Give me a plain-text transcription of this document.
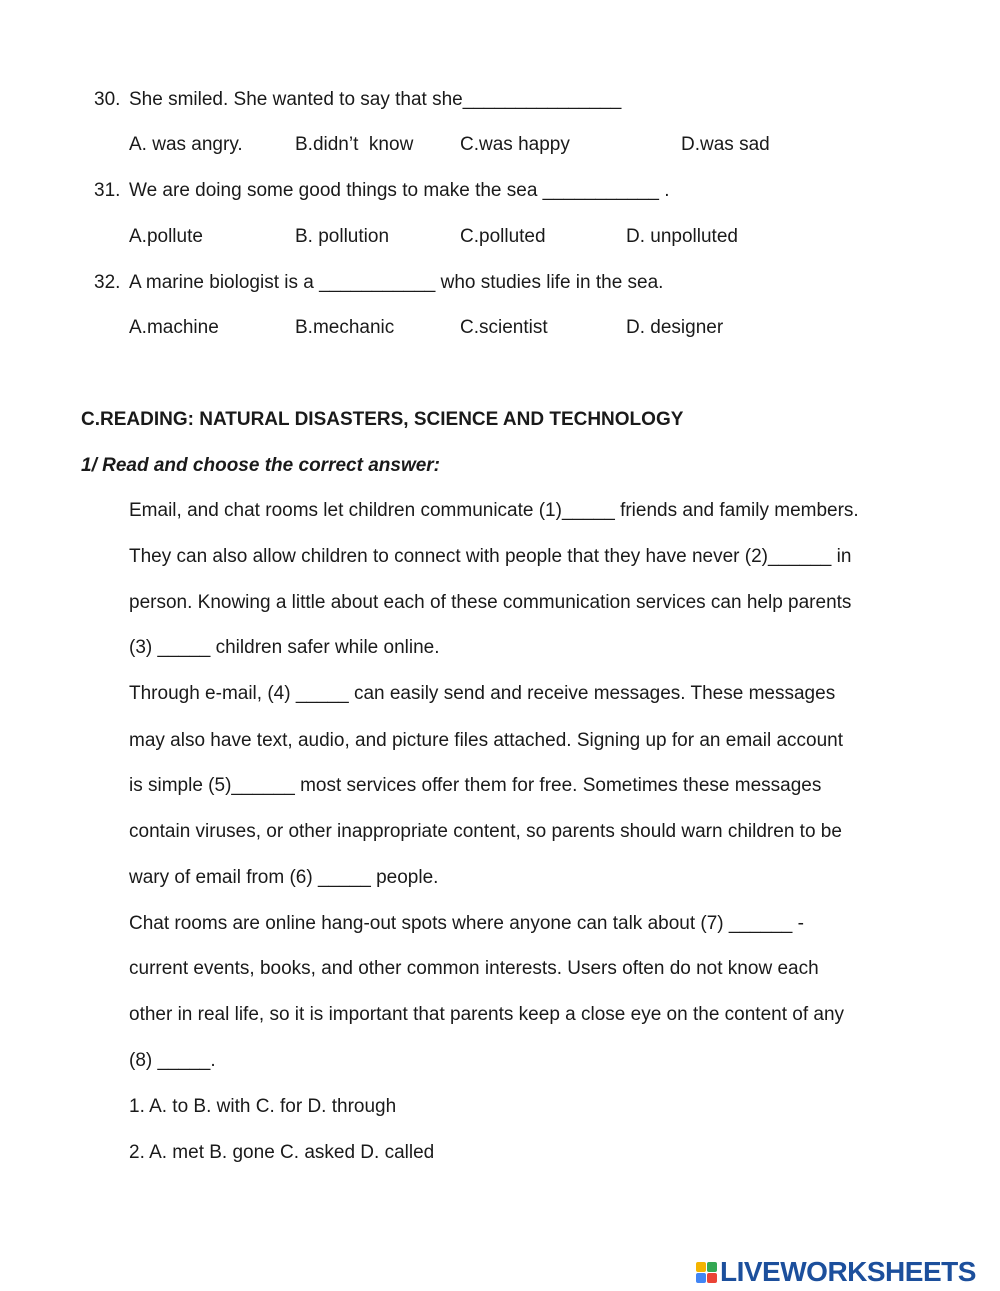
30. She smiled. She wanted to say that she_______________
A. was angry.	B.didn’t  know C.was happy	D.was sad
31. We are doing some good things to make the sea ___________ .
A.pollute	B. pollution	C.polluted	D. unpolluted
32. A marine biologist is a ___________ who studies life in the sea.
A.machine	B.mechanic	C.scientist	D. designer
C.READING: NATURAL DISASTERS, SCIENCE AND TECHNOLOGY
1/ Read and choose the correct answer:
Email, and chat rooms let children communicate (1)_____ friends and family members.
They can also allow children to connect with people that they have never (2)______ in
person. Knowing a little about each of these communication services can help parents
(3) _____ children safer while online.
Through e-mail, (4) _____ can easily send and receive messages. These messages
may also have text, audio, and picture files attached. Signing up for an email account
is simple (5)______ most services offer them for free. Sometimes these messages
contain viruses, or other inappropriate content, so parents should warn children to be
wary of email from (6) _____ people.
Chat rooms are online hang-out spots where anyone can talk about (7) ______ -
current events, books, and other common interests. Users often do not know each
other in real life, so it is important that parents keep a close eye on the content of any
(8) _____.
1. A. to B. with C. for D. through
2. A. met B. gone C. asked D. called
LIVEWORKSHEETS
